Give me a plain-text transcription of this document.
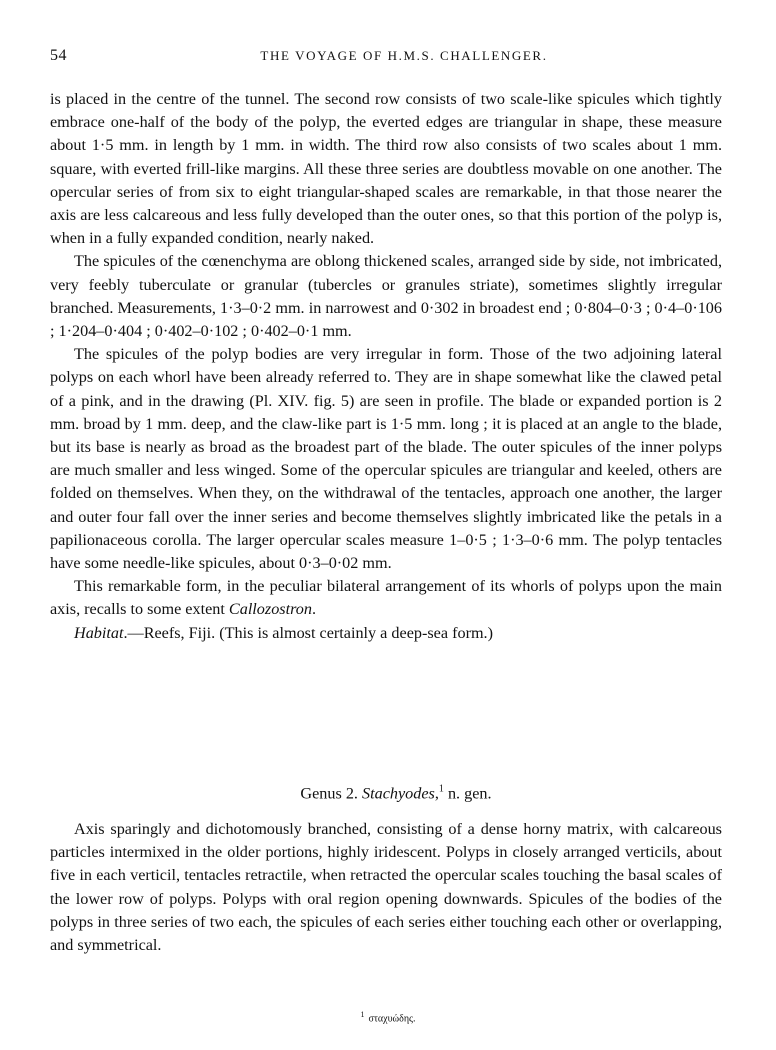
54	THE VOYAGE OF H.M.S. CHALLENGER.

is placed in the centre of the tunnel. The second row consists of two scale-like spicules which tightly embrace one-half of the body of the polyp, the everted edges are triangular in shape, these measure about 1·5 mm. in length by 1 mm. in width. The third row also consists of two scales about 1 mm. square, with everted frill-like margins. All these three series are doubtless movable on one another. The opercular series of from six to eight triangular-shaped scales are remarkable, in that those nearer the axis are less calcareous and less fully developed than the outer ones, so that this portion of the polyp is, when in a fully expanded condition, nearly naked.

The spicules of the cœnenchyma are oblong thickened scales, arranged side by side, not imbricated, very feebly tuberculate or granular (tubercles or granules striate), sometimes slightly irregular branched. Measurements, 1·3–0·2 mm. in narrowest and 0·302 in broadest end ; 0·804–0·3 ; 0·4–0·106 ; 1·204–0·404 ; 0·402–0·102 ; 0·402–0·1 mm.

The spicules of the polyp bodies are very irregular in form. Those of the two adjoining lateral polyps on each whorl have been already referred to. They are in shape somewhat like the clawed petal of a pink, and in the drawing (Pl. XIV. fig. 5) are seen in profile. The blade or expanded portion is 2 mm. broad by 1 mm. deep, and the claw-like part is 1·5 mm. long ; it is placed at an angle to the blade, but its base is nearly as broad as the broadest part of the blade. The outer spicules of the inner polyps are much smaller and less winged. Some of the opercular spicules are triangular and keeled, others are folded on themselves. When they, on the withdrawal of the tentacles, approach one another, the larger and outer four fall over the inner series and become themselves slightly imbricated like the petals in a papilionaceous corolla. The larger opercular scales measure 1–0·5 ; 1·3–0·6 mm. The polyp tentacles have some needle-like spicules, about 0·3–0·02 mm.

This remarkable form, in the peculiar bilateral arrangement of its whorls of polyps upon the main axis, recalls to some extent Callozostron.

Habitat.—Reefs, Fiji. (This is almost certainly a deep-sea form.)

Genus 2. Stachyodes,$^1$ n. gen.

Axis sparingly and dichotomously branched, consisting of a dense horny matrix, with calcareous particles intermixed in the older portions, highly iridescent. Polyps in closely arranged verticils, about five in each verticil, tentacles retractile, when retracted the opercular scales touching the basal scales of the lower row of polyps. Polyps with oral region opening downwards. Spicules of the bodies of the polyps in three series of two each, the spicules of each series either touching each other or overlapping, and symmetrical.

$^1$ σταχυώδης.
